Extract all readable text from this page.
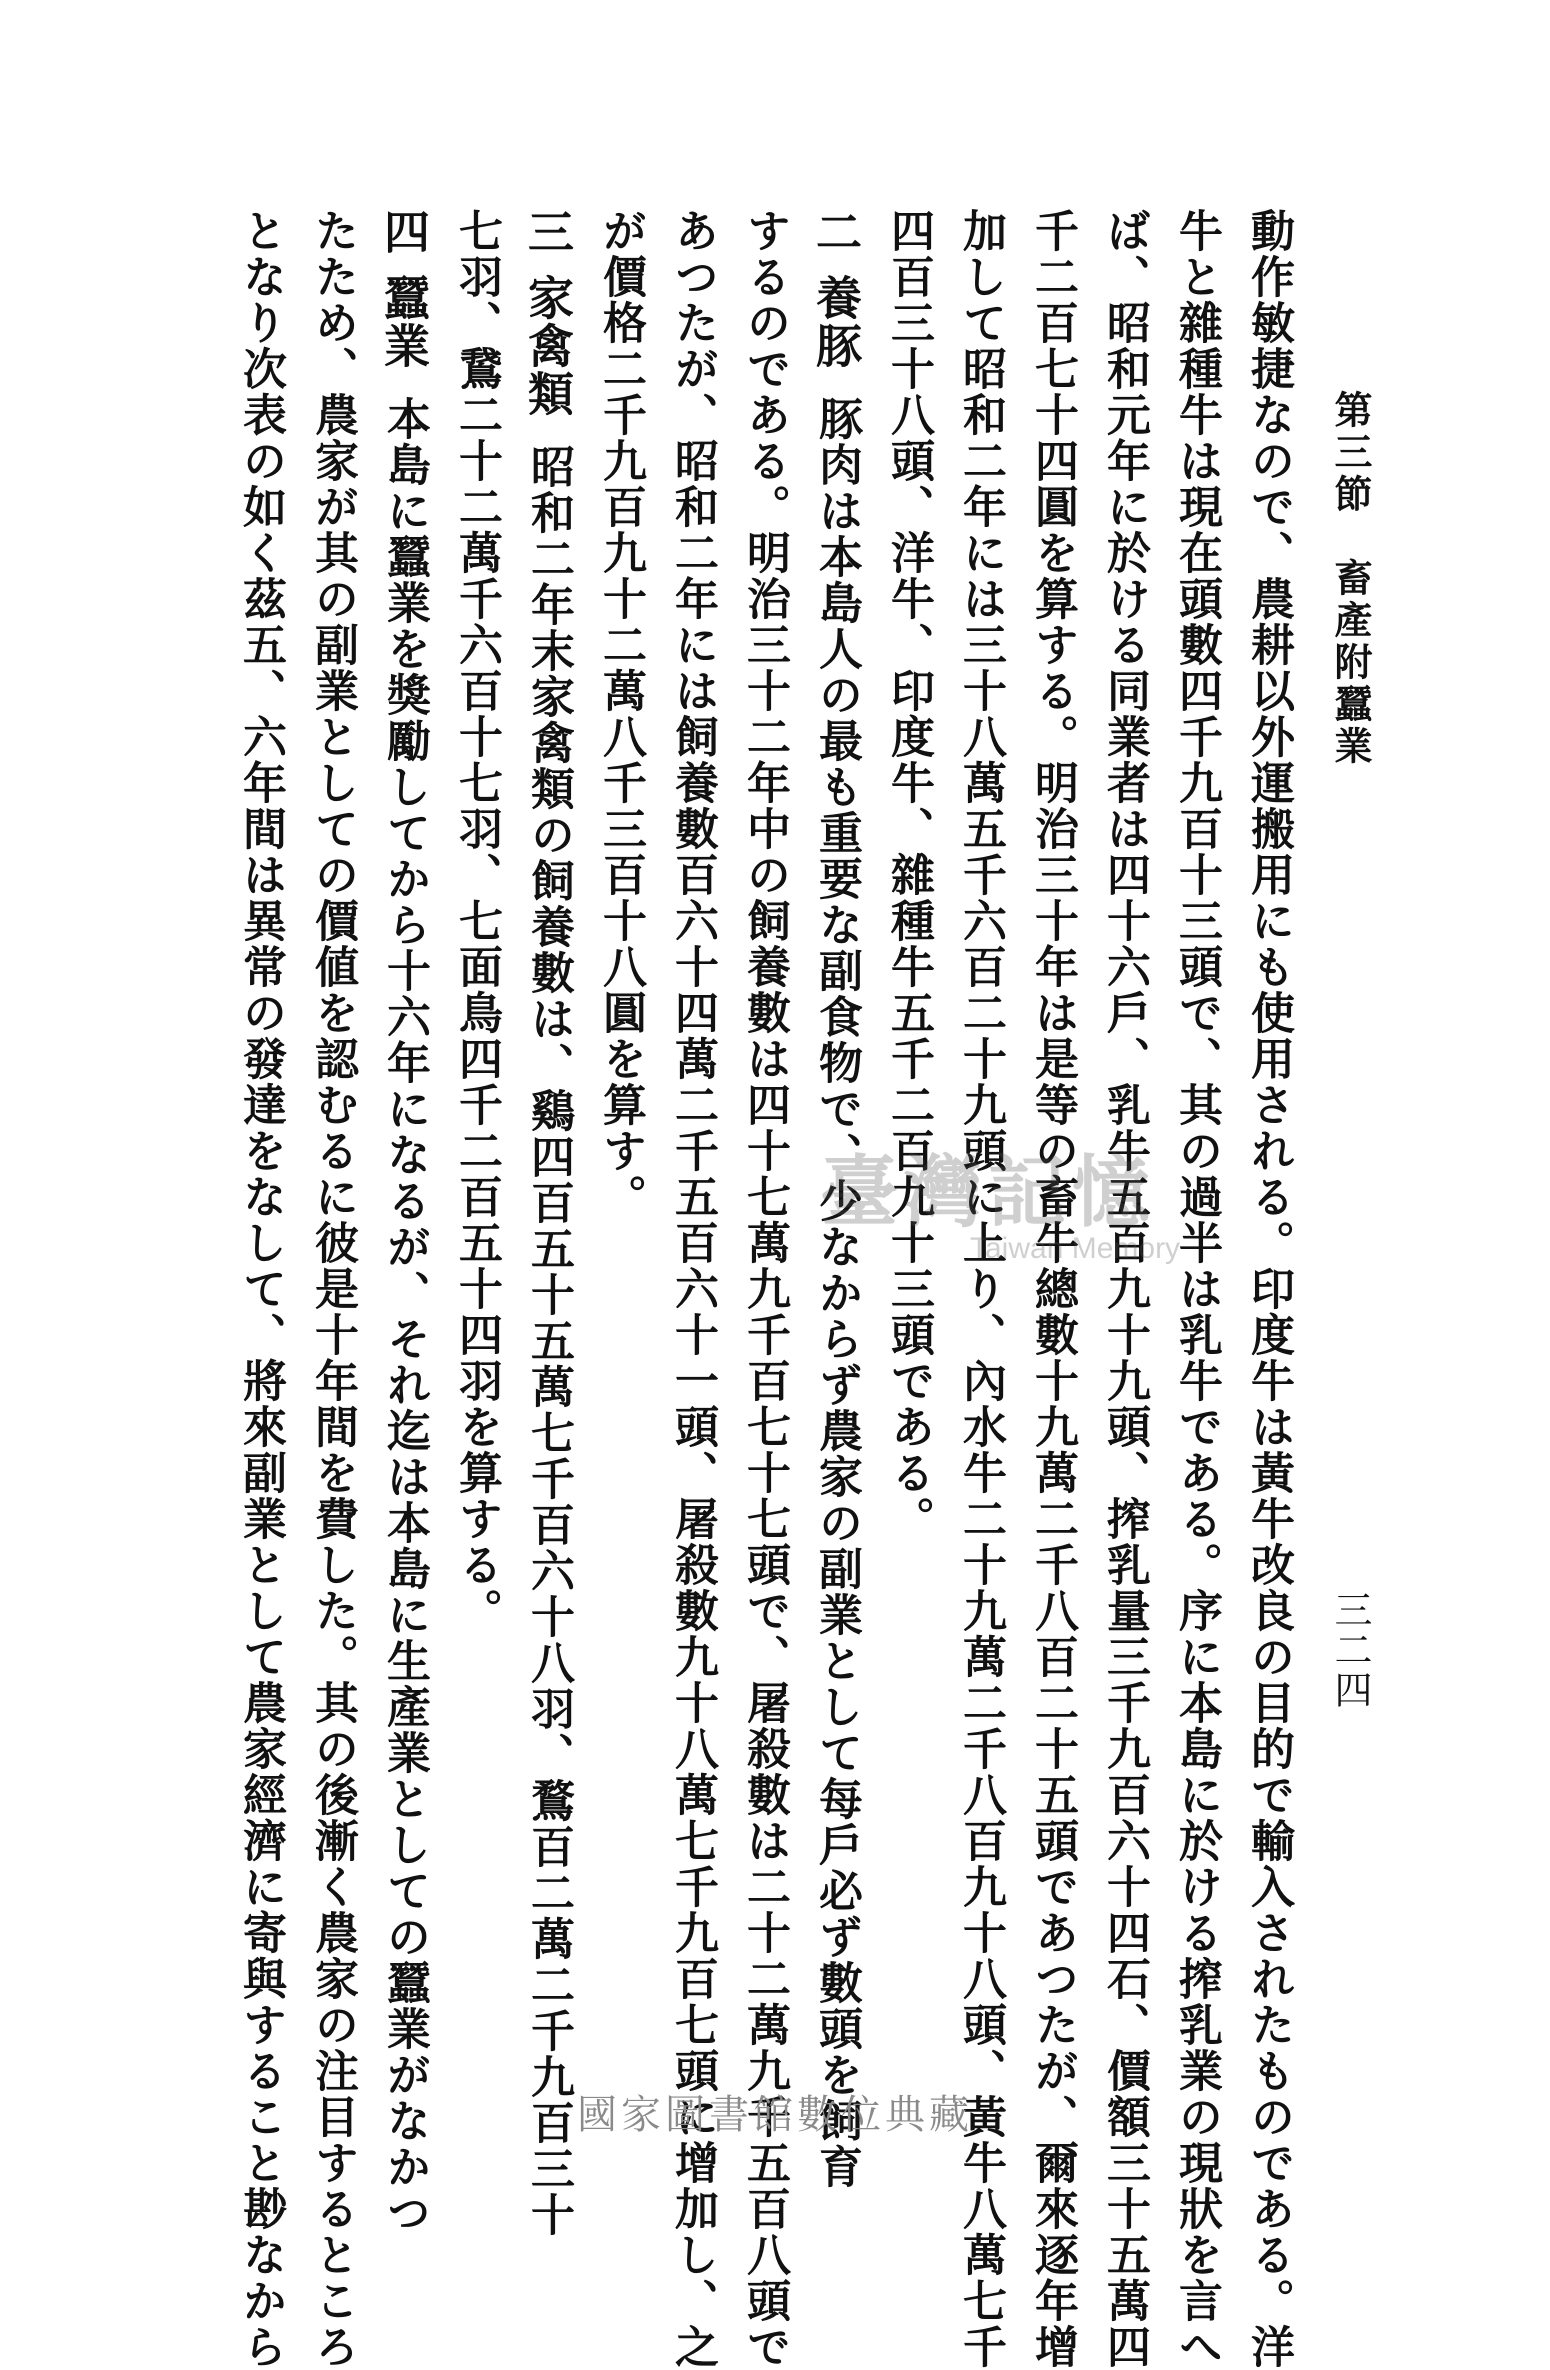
第三節　畜產附蠶業
三二四
動作敏捷なので、農耕以外運搬用にも使用される。印度牛は黃牛改良の目的で輸入されたものである。洋
牛と雜種牛は現在頭數四千九百十三頭で、其の過半は乳牛である。序に本島に於ける搾乳業の現狀を言へ
ば、昭和元年に於ける同業者は四十六戶、乳牛五百九十九頭、搾乳量三千九百六十四石、價額三十五萬四
千二百七十四圓を算する。明治三十年は是等の畜牛總數十九萬二千八百二十五頭であつたが、爾來逐年增
加して昭和二年には三十八萬五千六百二十九頭に上り、內水牛二十九萬二千八百九十八頭、黃牛八萬七千
四百三十八頭、洋牛、印度牛、雜種牛五千二百九十三頭である。
二養豚豚肉は本島人の最も重要な副食物で、少なからず農家の副業として每戶必ず數頭を飼育
するのである。明治三十二年中の飼養數は四十七萬九千百七十七頭で、屠殺數は二十二萬九千五百八頭で
あつたが、昭和二年には飼養數百六十四萬二千五百六十一頭、屠殺數九十八萬七千九百七頭に增加し、之
が價格二千九百九十二萬八千三百十八圓を算す。
三家禽類昭和二年末家禽類の飼養數は、鷄四百五十五萬七千百六十八羽、鶩百二萬二千九百三十
七羽、鵞二十二萬千六百十七羽、七面鳥四千二百五十四羽を算する。
四蠶業本島に蠶業を獎勵してから十六年になるが、それ迄は本島に生產業としての蠶業がなかつ
たため、農家が其の副業としての價値を認むるに彼是十年間を費した。其の後漸く農家の注目するところ
となり次表の如く茲五、六年間は異常の發達をなして、將來副業として農家經濟に寄與すること尠なから	臺灣記憶
Taiwan Memory
國家圖書館數位典藏
